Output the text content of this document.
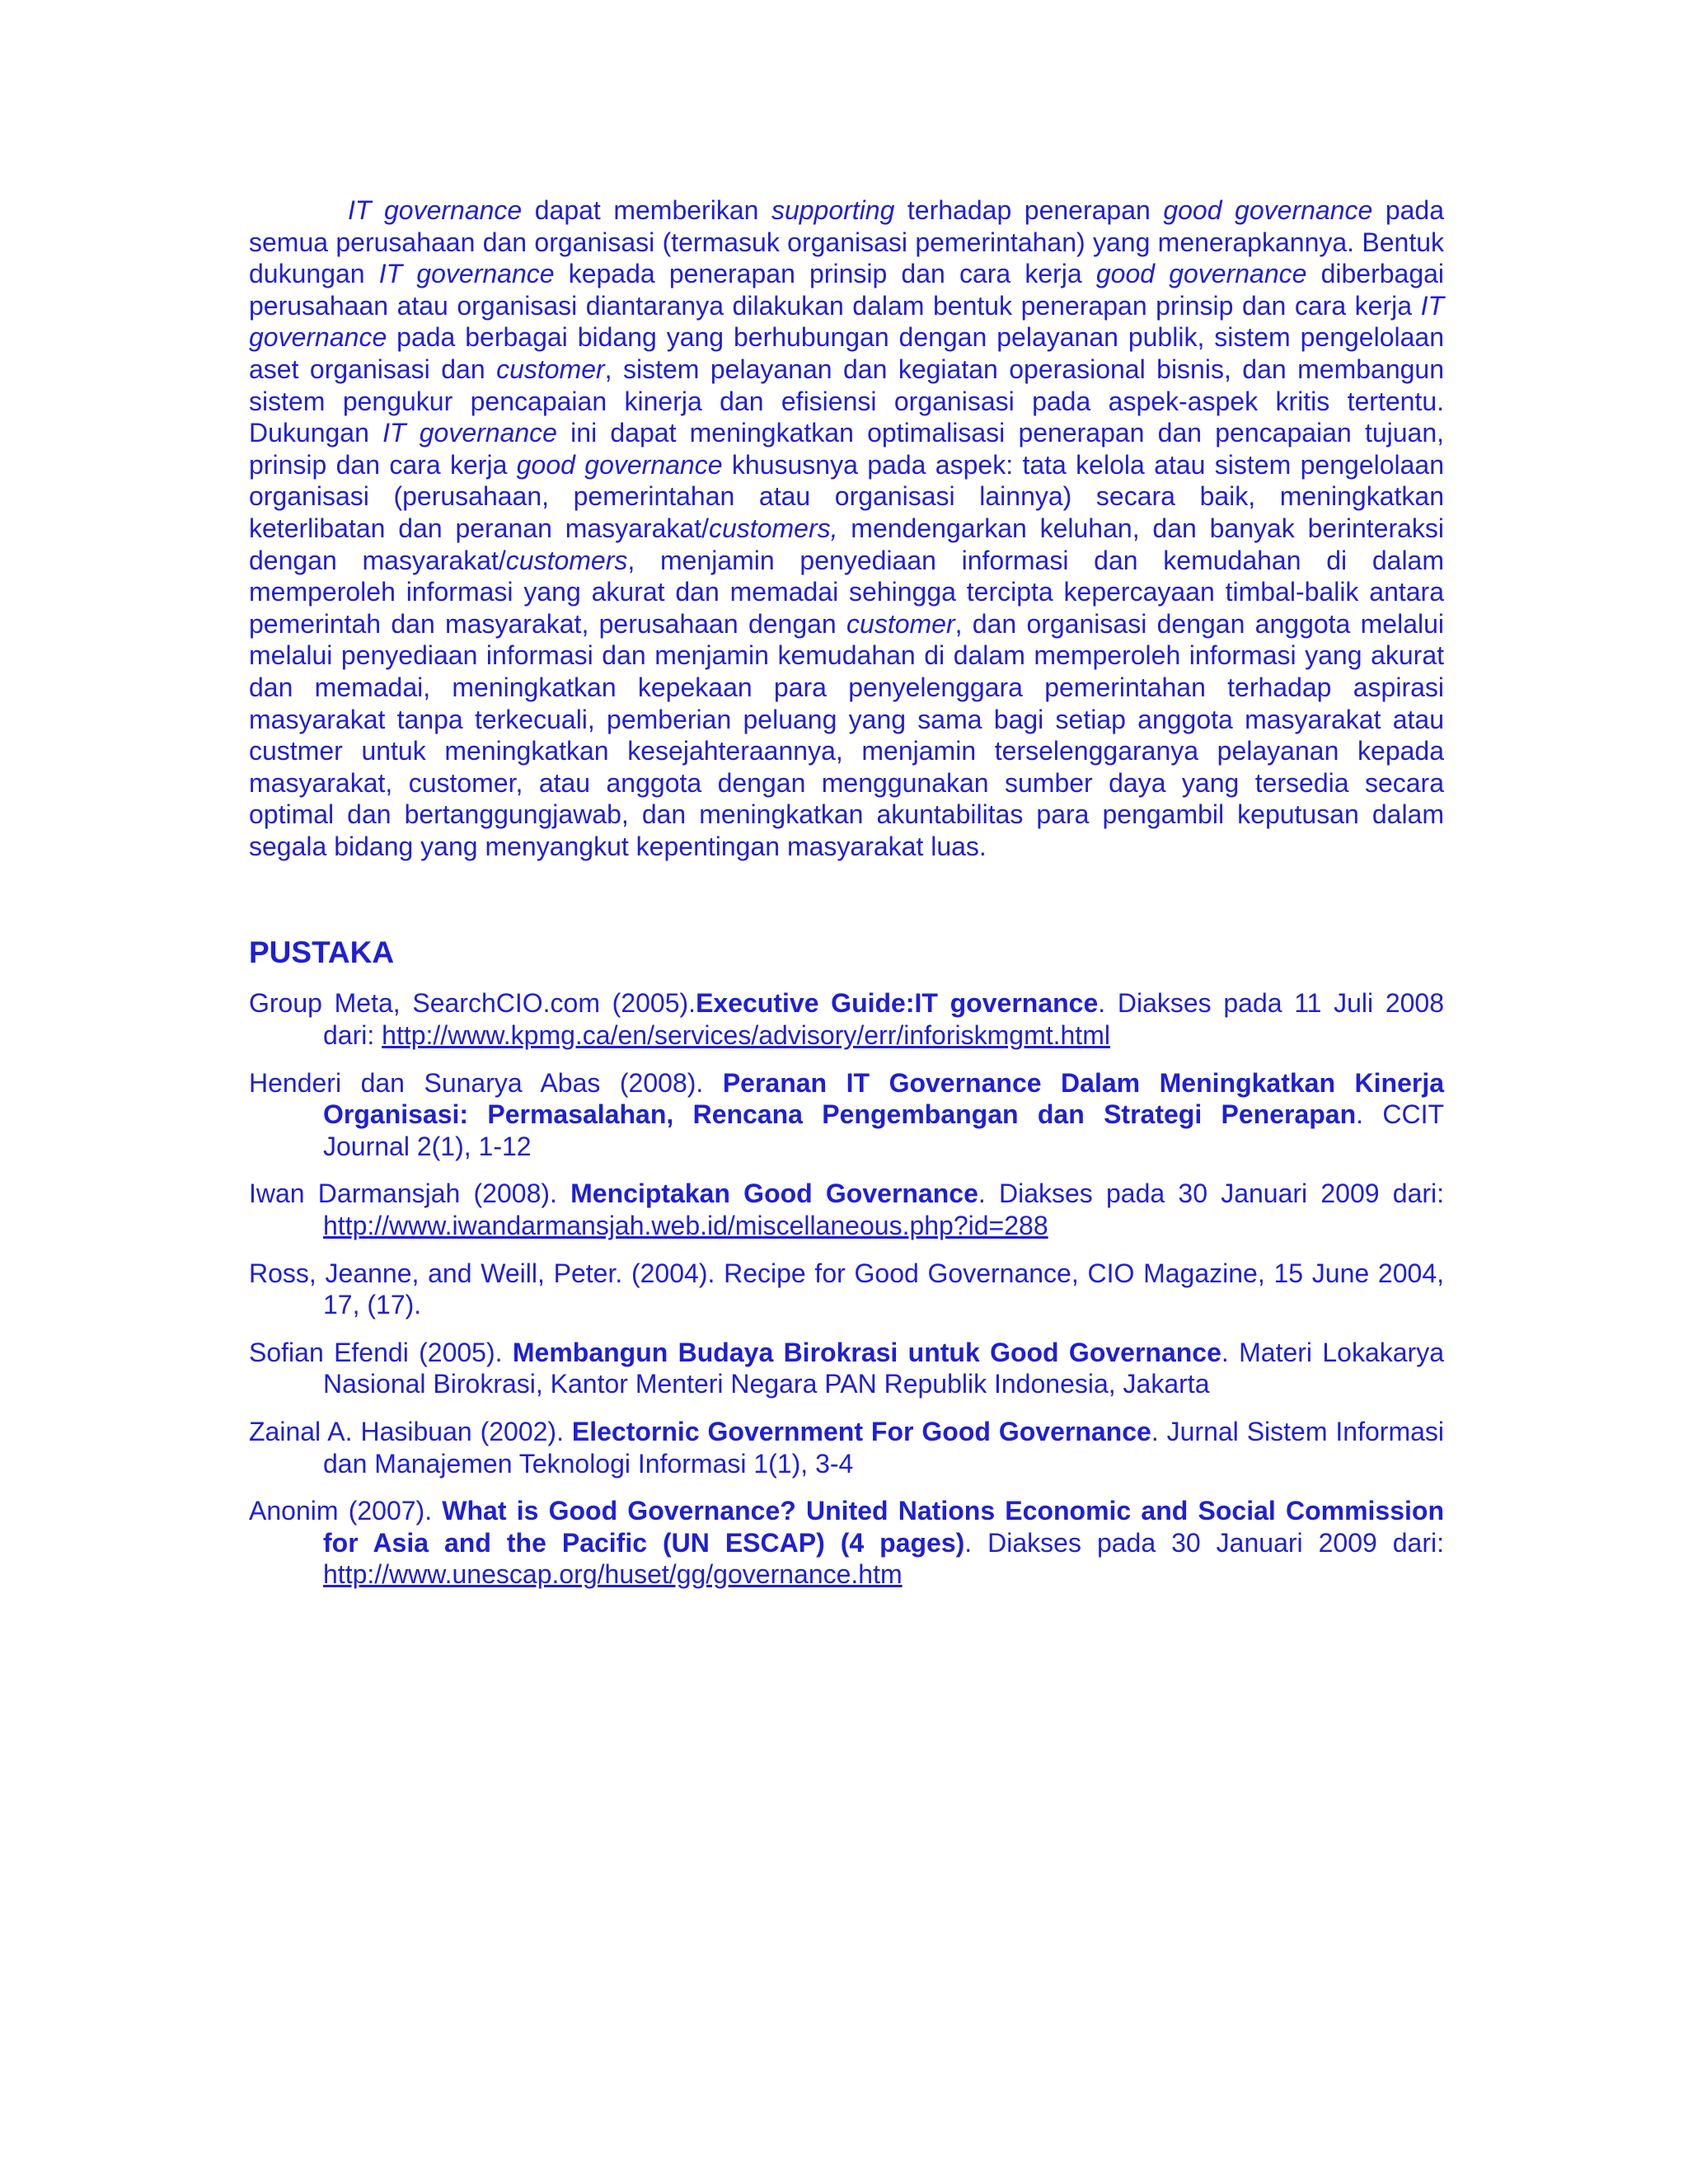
IT governance dapat memberikan supporting terhadap penerapan good governance pada semua perusahaan dan organisasi (termasuk organisasi pemerintahan) yang menerapkannya. Bentuk dukungan IT governance kepada penerapan prinsip dan cara kerja good governance diberbagai perusahaan atau organisasi diantaranya dilakukan dalam bentuk penerapan prinsip dan cara kerja IT governance pada berbagai bidang yang berhubungan dengan pelayanan publik, sistem pengelolaan aset organisasi dan customer, sistem pelayanan dan kegiatan operasional bisnis, dan membangun sistem pengukur pencapaian kinerja dan efisiensi organisasi pada aspek-aspek kritis tertentu. Dukungan IT governance ini dapat meningkatkan optimalisasi penerapan dan pencapaian tujuan, prinsip dan cara kerja good governance khususnya pada aspek: tata kelola atau sistem pengelolaan organisasi (perusahaan, pemerintahan atau organisasi lainnya) secara baik, meningkatkan keterlibatan dan peranan masyarakat/customers, mendengarkan keluhan, dan banyak berinteraksi dengan masyarakat/customers, menjamin penyediaan informasi dan kemudahan di dalam memperoleh informasi yang akurat dan memadai sehingga tercipta kepercayaan timbal-balik antara pemerintah dan masyarakat, perusahaan dengan customer, dan organisasi dengan anggota melalui melalui penyediaan informasi dan menjamin kemudahan di dalam memperoleh informasi yang akurat dan memadai, meningkatkan kepekaan para penyelenggara pemerintahan terhadap aspirasi masyarakat tanpa terkecuali, pemberian peluang yang sama bagi setiap anggota masyarakat atau custmer untuk meningkatkan kesejahteraannya, menjamin terselenggaranya pelayanan kepada masyarakat, customer, atau anggota dengan menggunakan sumber daya yang tersedia secara optimal dan bertanggungjawab, dan meningkatkan akuntabilitas para pengambil keputusan dalam segala bidang yang menyangkut kepentingan masyarakat luas.

PUSTAKA
Group Meta, SearchCIO.com (2005).Executive Guide:IT governance. Diakses pada 11 Juli 2008 dari: http://www.kpmg.ca/en/services/advisory/err/inforiskmgmt.html
Henderi dan Sunarya Abas (2008). Peranan IT Governance Dalam Meningkatkan Kinerja Organisasi: Permasalahan, Rencana Pengembangan dan Strategi Penerapan. CCIT Journal 2(1), 1-12
Iwan Darmansjah (2008). Menciptakan Good Governance. Diakses pada 30 Januari 2009 dari: http://www.iwandarmansjah.web.id/miscellaneous.php?id=288
Ross, Jeanne, and Weill, Peter. (2004). Recipe for Good Governance, CIO Magazine, 15 June 2004, 17, (17).
Sofian Efendi (2005). Membangun Budaya Birokrasi untuk Good Governance. Materi Lokakarya Nasional Birokrasi, Kantor Menteri Negara PAN Republik Indonesia, Jakarta
Zainal A. Hasibuan (2002). Electornic Government For Good Governance. Jurnal Sistem Informasi dan Manajemen Teknologi Informasi 1(1), 3-4
Anonim (2007). What is Good Governance? United Nations Economic and Social Commission for Asia and the Pacific (UN ESCAP) (4 pages). Diakses pada 30 Januari 2009 dari: http://www.unescap.org/huset/gg/governance.htm
